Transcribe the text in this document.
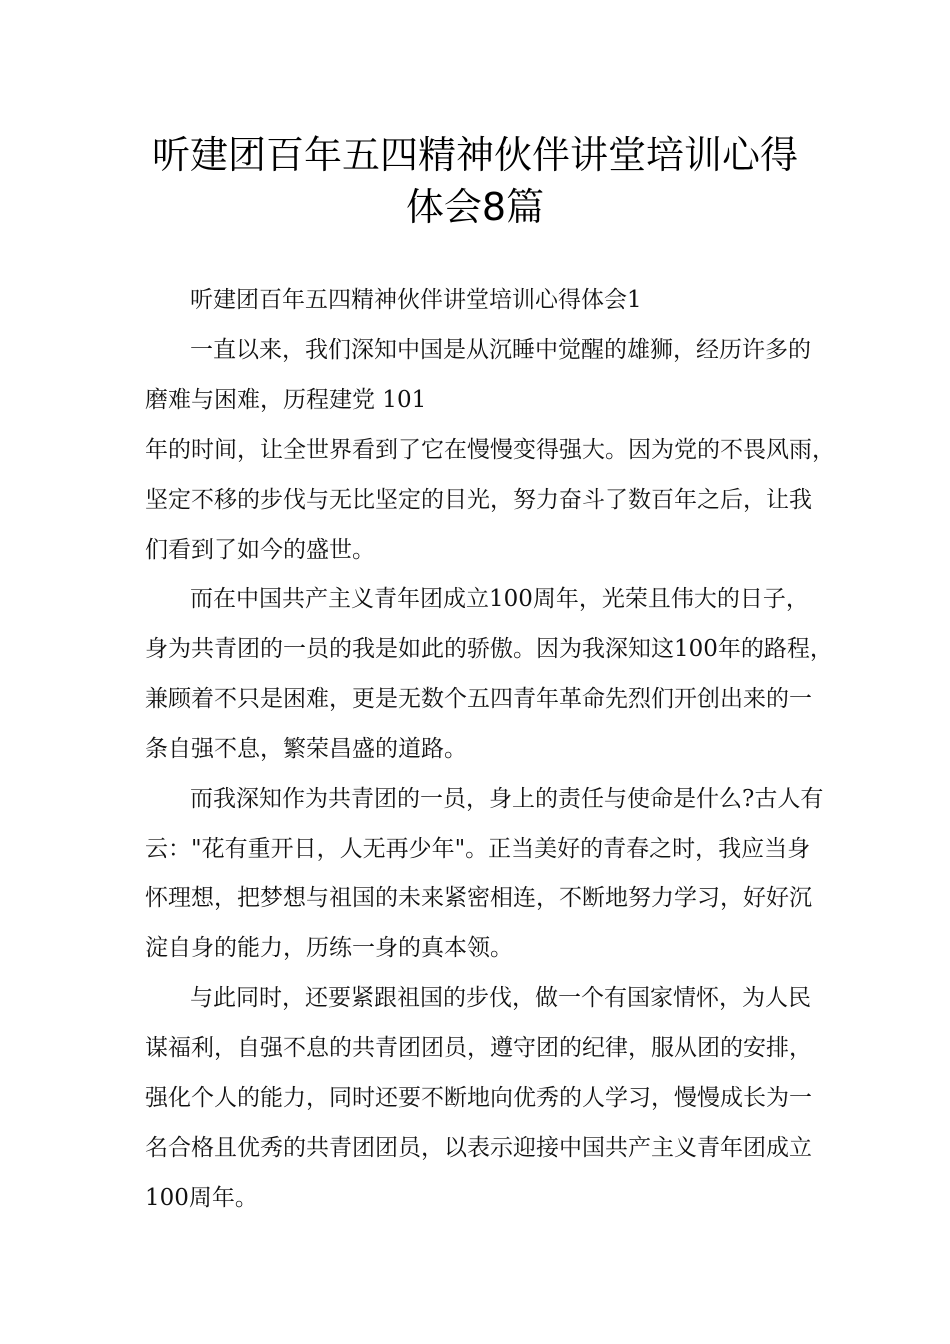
听建团百年五四精神伙伴讲堂培训心得
体会8篇
听建团百年五四精神伙伴讲堂培训心得体会1
一直以来，我们深知中国是从沉睡中觉醒的雄狮，经历许多的
磨难与困难，历程建党 101
年的时间，让全世界看到了它在慢慢变得强大。因为党的不畏风雨，
坚定不移的步伐与无比坚定的目光，努力奋斗了数百年之后，让我
们看到了如今的盛世。
而在中国共产主义青年团成立100周年，光荣且伟大的日子，
身为共青团的一员的我是如此的骄傲。因为我深知这100年的路程，
兼顾着不只是困难，更是无数个五四青年革命先烈们开创出来的一
条自强不息，繁荣昌盛的道路。
而我深知作为共青团的一员，身上的责任与使命是什么?古人有
云："花有重开日，人无再少年"。正当美好的青春之时，我应当身
怀理想，把梦想与祖国的未来紧密相连，不断地努力学习，好好沉
淀自身的能力，历练一身的真本领。
与此同时，还要紧跟祖国的步伐，做一个有国家情怀，为人民
谋福利，自强不息的共青团团员，遵守团的纪律，服从团的安排，
强化个人的能力，同时还要不断地向优秀的人学习，慢慢成长为一
名合格且优秀的共青团团员，以表示迎接中国共产主义青年团成立
100周年。
